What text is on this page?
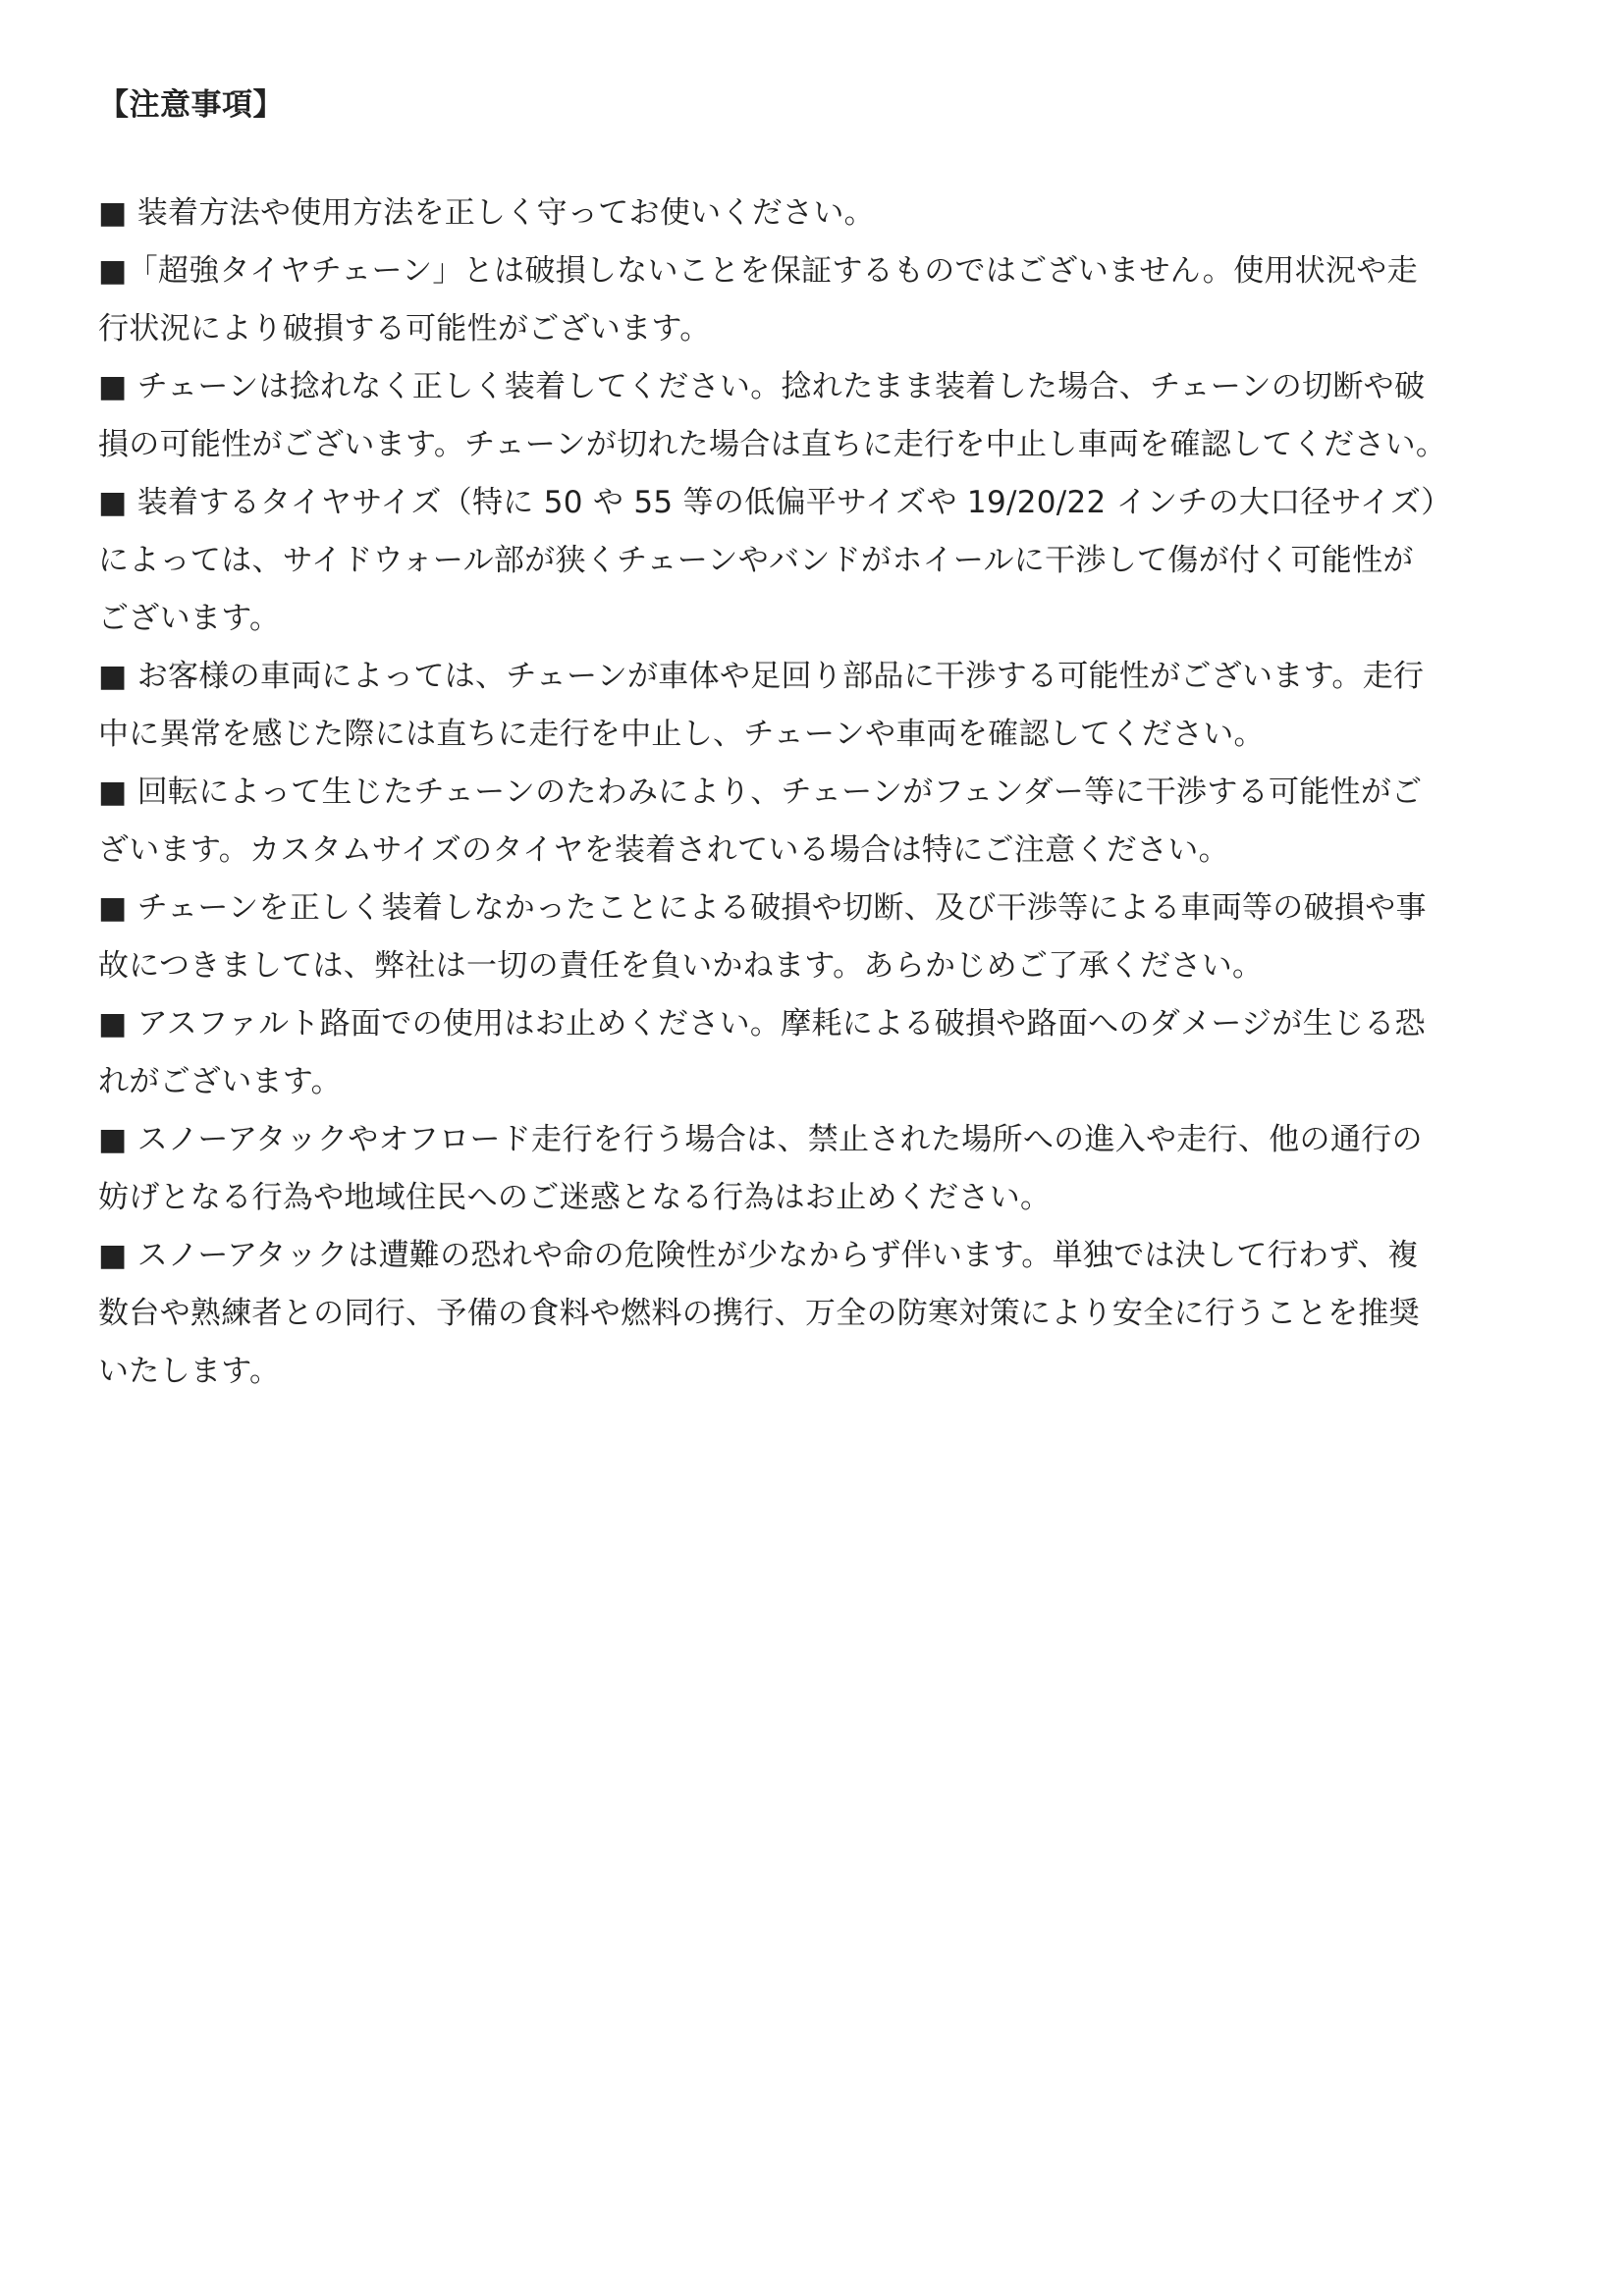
【注意事項】
■ 装着方法や使用方法を正しく守ってお使いください。
■「超強タイヤチェーン」とは破損しないことを保証するものではございません。使用状況や走
行状況により破損する可能性がございます。
■ チェーンは捻れなく正しく装着してください。捻れたまま装着した場合、チェーンの切断や破
損の可能性がございます。チェーンが切れた場合は直ちに走行を中止し車両を確認してください。
■ 装着するタイヤサイズ（特に 50 や 55 等の低偏平サイズや 19/20/22 インチの大口径サイズ）
によっては、サイドウォール部が狭くチェーンやバンドがホイールに干渉して傷が付く可能性が
ございます。
■ お客様の車両によっては、チェーンが車体や足回り部品に干渉する可能性がございます。走行
中に異常を感じた際には直ちに走行を中止し、チェーンや車両を確認してください。
■ 回転によって生じたチェーンのたわみにより、チェーンがフェンダー等に干渉する可能性がご
ざいます。カスタムサイズのタイヤを装着されている場合は特にご注意ください。
■ チェーンを正しく装着しなかったことによる破損や切断、及び干渉等による車両等の破損や事
故につきましては、弊社は一切の責任を負いかねます。あらかじめご了承ください。
■ アスファルト路面での使用はお止めください。摩耗による破損や路面へのダメージが生じる恐
れがございます。
■ スノーアタックやオフロード走行を行う場合は、禁止された場所への進入や走行、他の通行の
妨げとなる行為や地域住民へのご迷惑となる行為はお止めください。
■ スノーアタックは遭難の恐れや命の危険性が少なからず伴います。単独では決して行わず、複
数台や熟練者との同行、予備の食料や燃料の携行、万全の防寒対策により安全に行うことを推奨
いたします。
